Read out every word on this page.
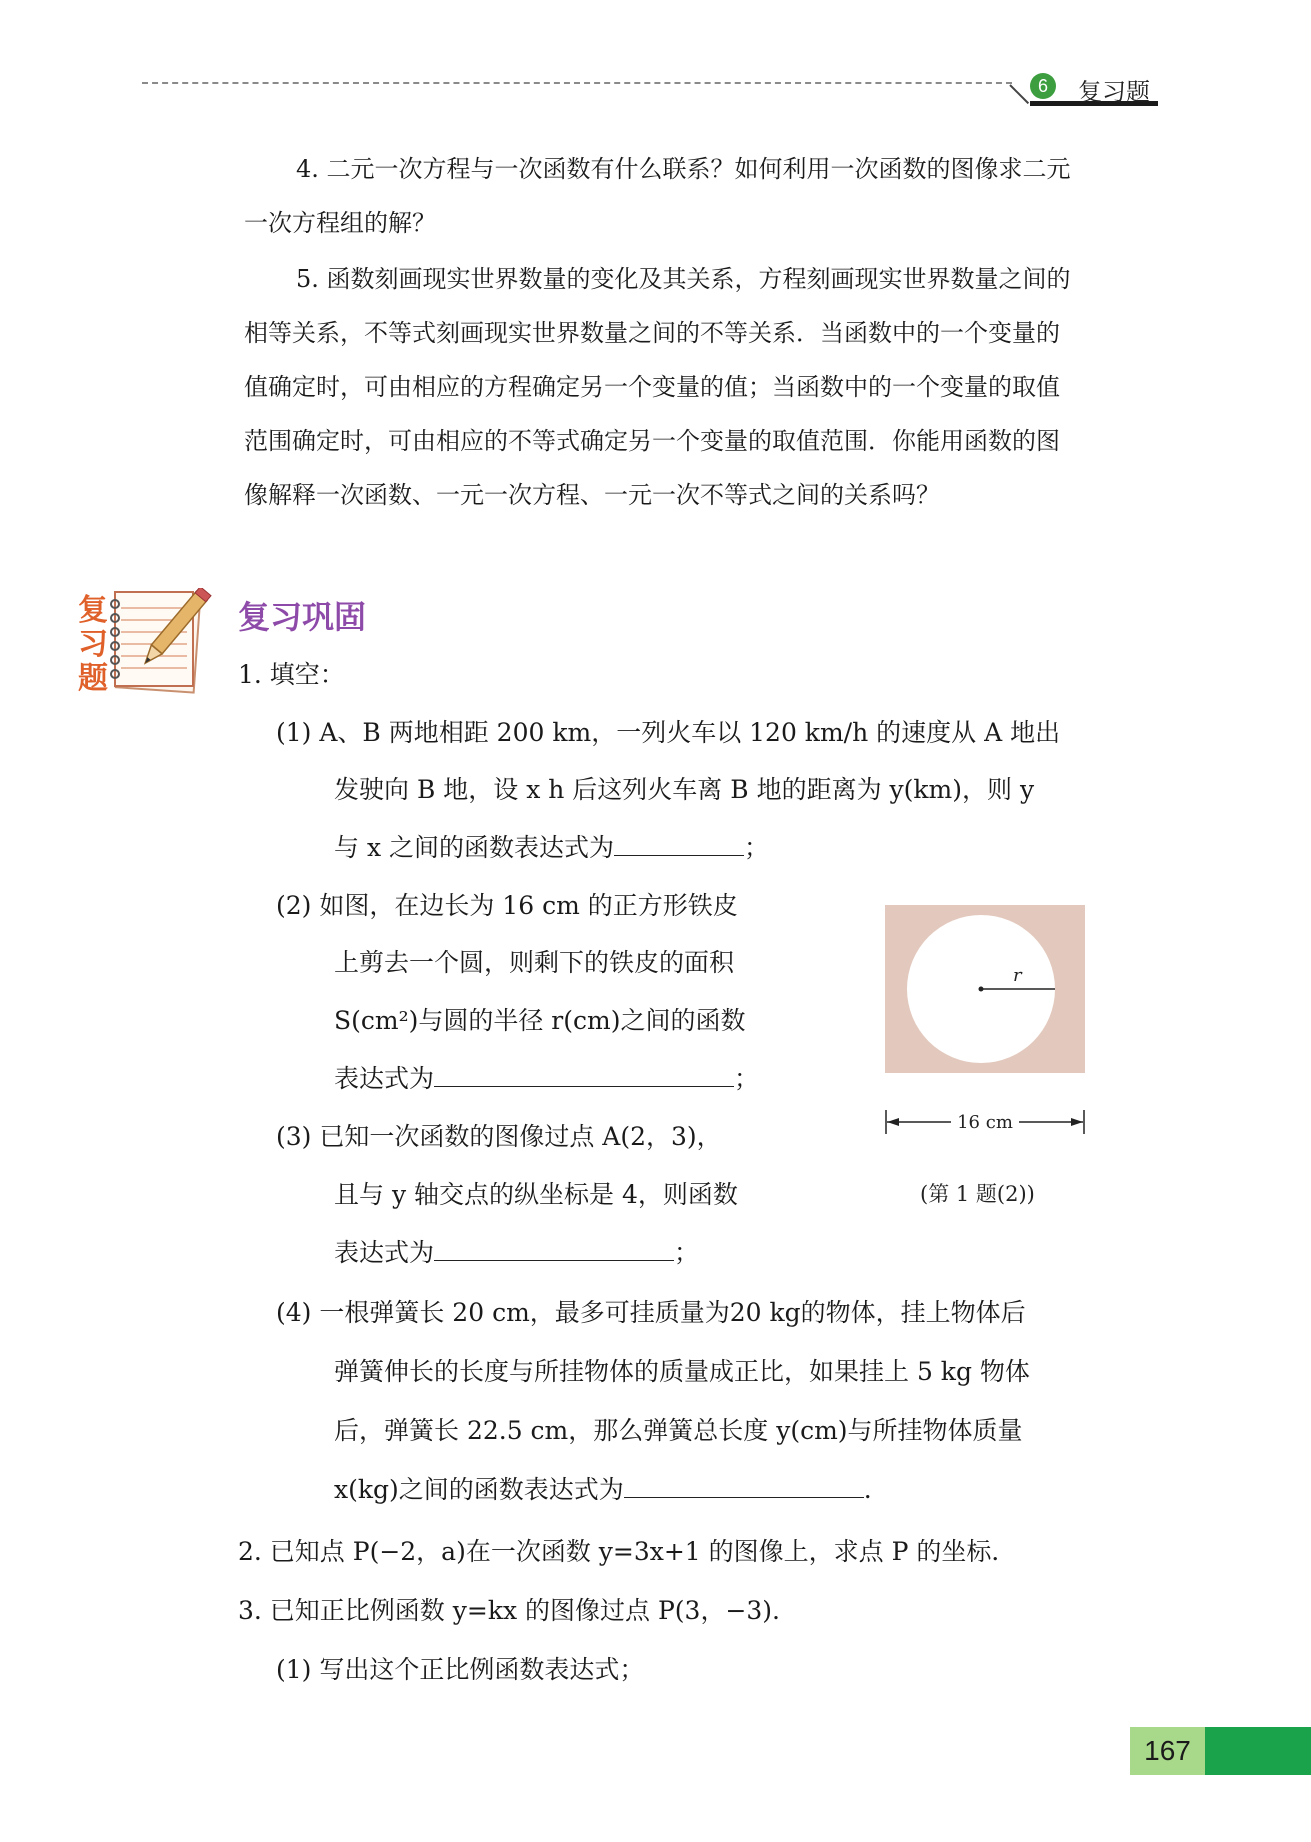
6	复习题
4. 二元一次方程与一次函数有什么联系？如何利用一次函数的图像求二元
一次方程组的解？
5. 函数刻画现实世界数量的变化及其关系，方程刻画现实世界数量之间的
相等关系，不等式刻画现实世界数量之间的不等关系．当函数中的一个变量的
值确定时，可由相应的方程确定另一个变量的值；当函数中的一个变量的取值
范围确定时，可由相应的不等式确定另一个变量的取值范围．你能用函数的图
像解释一次函数、一元一次方程、一元一次不等式之间的关系吗？
复习题
复习巩固
1. 填空：
(1) A、B 两地相距 200 km，一列火车以 120 km/h 的速度从 A 地出
发驶向 B 地，设 x h 后这列火车离 B 地的距离为 y(km)，则 y
与 x 之间的函数表达式为	；
(2) 如图，在边长为 16 cm 的正方形铁皮
上剪去一个圆，则剩下的铁皮的面积
S(cm²)与圆的半径 r(cm)之间的函数
表达式为	；
(3) 已知一次函数的图像过点 A(2，3)，
且与 y 轴交点的纵坐标是 4，则函数
表达式为	；
(4) 一根弹簧长 20 cm，最多可挂质量为20 kg的物体，挂上物体后
弹簧伸长的长度与所挂物体的质量成正比，如果挂上 5 kg 物体
后，弹簧长 22.5 cm，那么弹簧总长度 y(cm)与所挂物体质量
x(kg)之间的函数表达式为	.
2. 已知点 P(−2，a)在一次函数 y=3x+1 的图像上，求点 P 的坐标．
3. 已知正比例函数 y=kx 的图像过点 P(3，−3).
(1) 写出这个正比例函数表达式；
r
16 cm
(第 1 题(2))
167
